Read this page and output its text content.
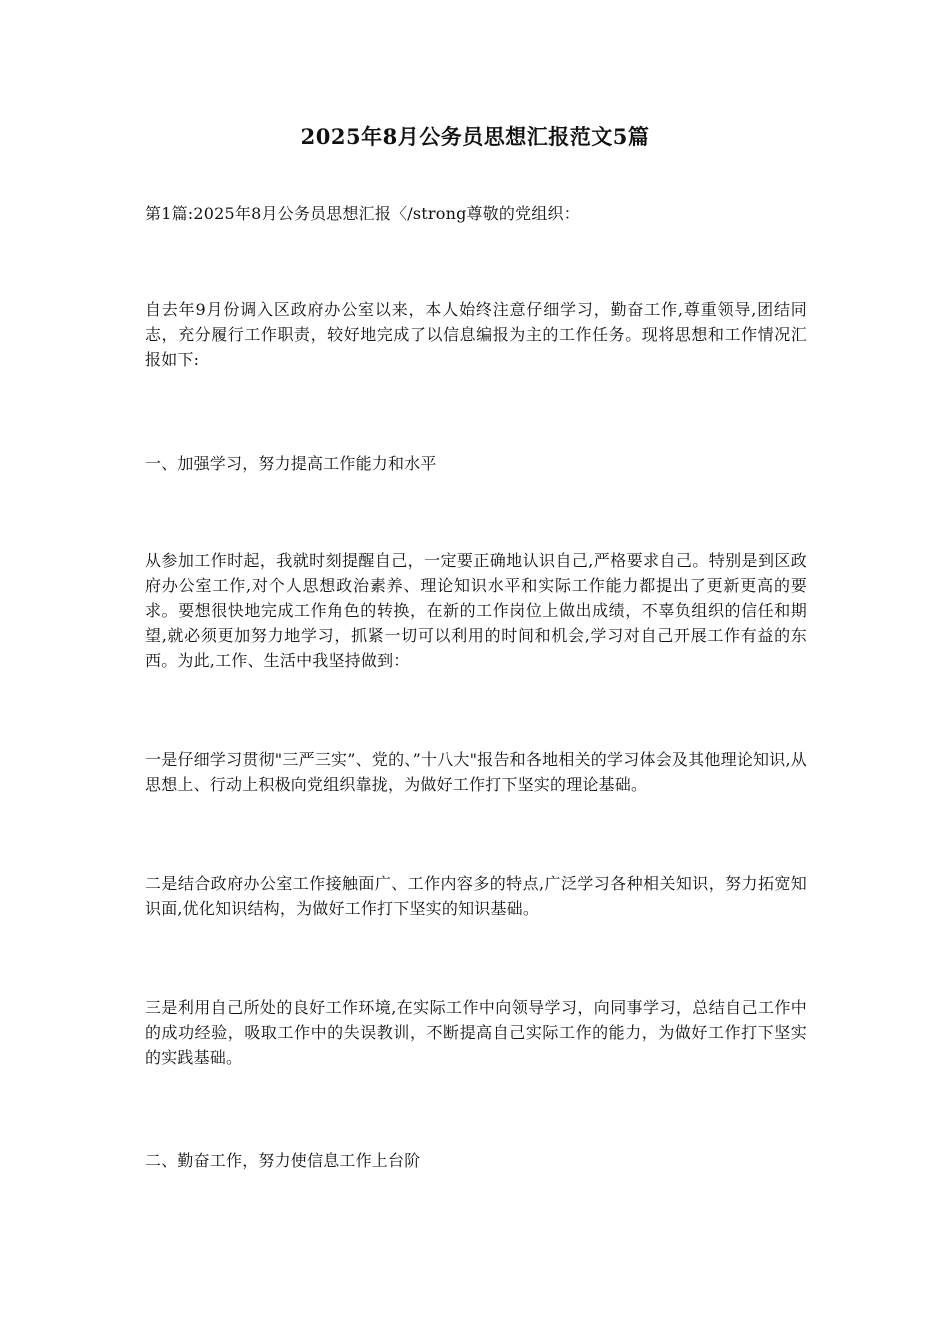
2025年8月公务员思想汇报范文5篇

第1篇:2025年8月公务员思想汇报〈/strong尊敬的党组织：

自去年9月份调入区政府办公室以来，本人始终注意仔细学习，勤奋工作,尊重领导,团结同志，充分履行工作职责，较好地完成了以信息编报为主的工作任务。现将思想和工作情况汇报如下:

一、加强学习，努力提高工作能力和水平

从参加工作时起，我就时刻提醒自己，一定要正确地认识自己,严格要求自己。特别是到区政府办公室工作,对个人思想政治素养、理论知识水平和实际工作能力都提出了更新更高的要求。要想很快地完成工作角色的转换，在新的工作岗位上做出成绩，不辜负组织的信任和期望,就必须更加努力地学习，抓紧一切可以利用的时间和机会,学习对自己开展工作有益的东西。为此,工作、生活中我坚持做到：

一是仔细学习贯彻"三严三实”、党的、”十八大"报告和各地相关的学习体会及其他理论知识,从思想上、行动上积极向党组织靠拢，为做好工作打下坚实的理论基础。

二是结合政府办公室工作接触面广、工作内容多的特点,广泛学习各种相关知识，努力拓宽知识面,优化知识结构，为做好工作打下坚实的知识基础。

三是利用自己所处的良好工作环境,在实际工作中向领导学习，向同事学习，总结自己工作中的成功经验，吸取工作中的失误教训，不断提高自己实际工作的能力，为做好工作打下坚实的实践基础。

二、勤奋工作，努力使信息工作上台阶
